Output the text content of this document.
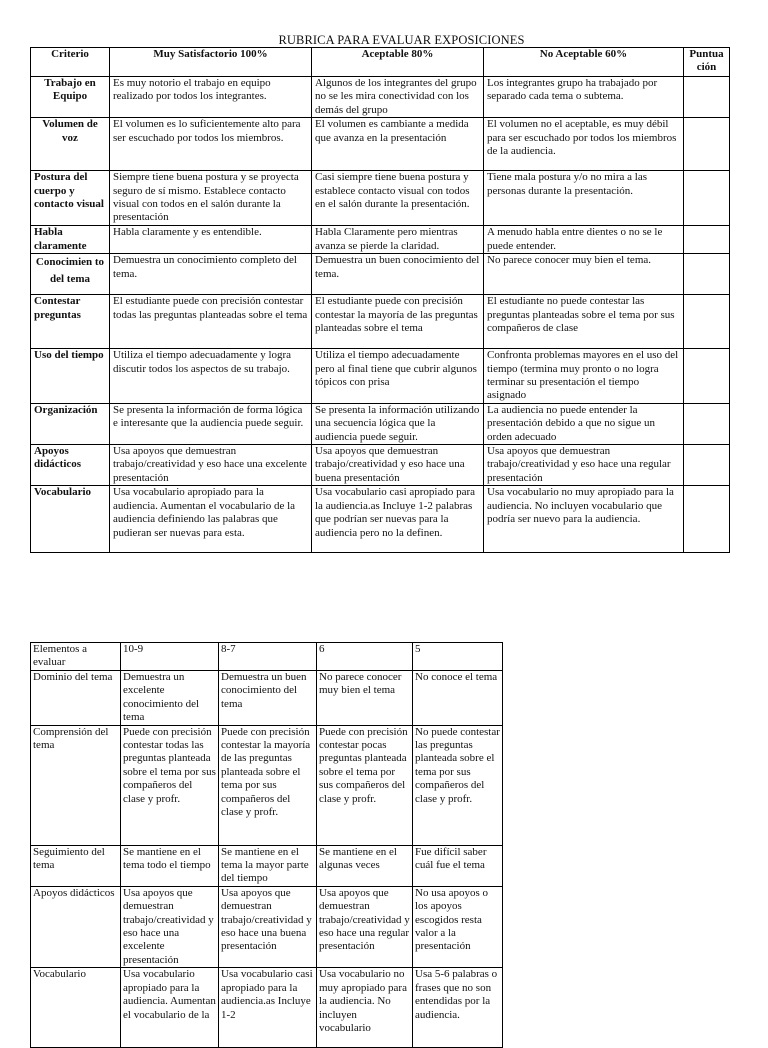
RUBRICA PARA EVALUAR EXPOSICIONES
Criterio	Muy Satisfactorio 100%	Aceptable 80%	No Aceptable 60%	Puntua ción
Trabajo en Equipo	Es muy notorio el trabajo en equipo realizado por todos los integrantes.	Algunos de los integrantes del grupo no se les mira conectividad con los demás del grupo	Los integrantes grupo ha trabajado por separado cada tema o subtema.	
Volumen de voz	El volumen es lo suficientemente alto para ser escuchado por todos los miembros.	El volumen es cambiante a medida que avanza en la presentación	El volumen no el aceptable, es muy débil para ser escuchado por todos los miembros de la audiencia.	
Postura del cuerpo y contacto visual	Siempre tiene buena postura y se proyecta seguro de sí mismo. Establece contacto visual con todos en el salón durante la presentación	Casi siempre tiene buena postura y establece contacto visual con todos en el salón durante la presentación.	Tiene mala postura y/o no mira a las personas durante la presentación.	
Habla claramente	Habla claramente y es entendible.	Habla Claramente pero mientras avanza se pierde la claridad.	A menudo habla entre dientes o no se le puede entender.	
Conocimien to del tema	Demuestra un conocimiento completo del tema.	Demuestra un buen conocimiento del tema.	No parece conocer muy bien el tema.	
Contestar preguntas	El estudiante puede con precisión contestar todas las preguntas planteadas sobre el tema	El estudiante puede con precisión contestar la mayoría de las preguntas planteadas sobre el tema	El estudiante no puede contestar las preguntas planteadas sobre el tema por sus compañeros de clase	
Uso del tiempo	Utiliza el tiempo adecuadamente y logra discutir todos los aspectos de su trabajo.	Utiliza el tiempo adecuadamente pero al final tiene que cubrir algunos tópicos con prisa	Confronta problemas mayores en el uso del tiempo (termina muy pronto o no logra terminar su presentación el tiempo asignado	
Organización	Se presenta la información de forma lógica e interesante que la audiencia puede seguir.	Se presenta la información utilizando una secuencia lógica que la audiencia puede seguir.	La audiencia no puede entender la presentación debido a que no sigue un orden adecuado	
Apoyos didácticos	Usa apoyos que demuestran trabajo/creatividad y eso hace una excelente presentación	Usa apoyos que demuestran trabajo/creatividad y eso hace una buena presentación	Usa apoyos que demuestran trabajo/creatividad y eso hace una regular presentación	
Vocabulario	Usa vocabulario apropiado para la audiencia. Aumentan el vocabulario de la audiencia definiendo las palabras que pudieran ser nuevas para esta.	Usa vocabulario casi apropiado para la audiencia.as Incluye 1-2 palabras que podrían ser nuevas para la audiencia pero no la definen.	Usa vocabulario no muy apropiado para la audiencia. No incluyen vocabulario que podría ser nuevo para la audiencia.	
Elementos a evaluar	10-9	8-7	6	5
Dominio del tema	Demuestra un excelente conocimiento del tema	Demuestra un buen conocimiento del tema	No parece conocer muy bien el tema	No conoce el tema
Comprensión del tema	Puede con precisión contestar todas las preguntas planteada sobre el tema por sus compañeros del clase y profr.	Puede con precisión contestar la mayoría de las preguntas planteada sobre el tema por sus compañeros del clase y profr.	Puede con precisión contestar pocas preguntas planteada sobre el tema por sus compañeros del clase y profr.	No puede contestar las preguntas planteada sobre el tema por sus compañeros del clase y profr.
Seguimiento del tema	Se mantiene en el tema todo el tiempo	Se mantiene en el tema la mayor parte del tiempo	Se mantiene en el algunas veces	Fue difícil saber cuál fue el tema
Apoyos didácticos	Usa apoyos que demuestran trabajo/creatividad y eso hace una excelente presentación	Usa apoyos que demuestran trabajo/creatividad y eso hace una buena presentación	Usa apoyos que demuestran trabajo/creatividad y eso hace una regular presentación	No usa apoyos o los apoyos escogidos resta valor a la presentación
Vocabulario	Usa vocabulario apropiado para la audiencia. Aumentan el vocabulario de la	Usa vocabulario casi apropiado para la audiencia.as Incluye 1-2	Usa vocabulario no muy apropiado para la audiencia. No incluyen vocabulario	Usa 5-6 palabras o frases que no son entendidas por la audiencia.
